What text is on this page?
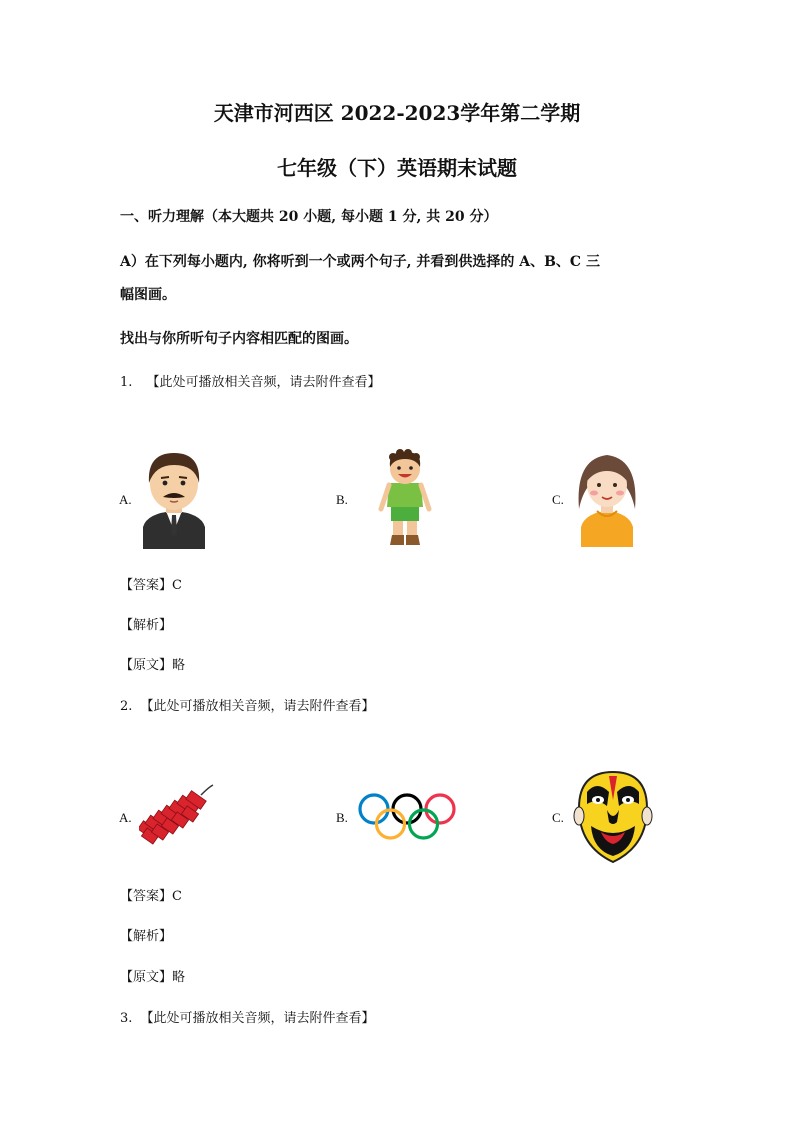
天津市河西区 2022-2023学年第二学期
七年级（下）英语期末试题
一、听力理解（本大题共 20 小题, 每小题 1 分, 共 20 分）
A）在下列每小题内, 你将听到一个或两个句子, 并看到供选择的 A、B、C 三
幅图画。
找出与你所听句子内容相匹配的图画。
1. 【此处可播放相关音频，请去附件查看】
A.	B.	C.
【答案】C
【解析】
【原文】略
2. 【此处可播放相关音频，请去附件查看】
A.	B.	C.
【答案】C
【解析】
【原文】略
3. 【此处可播放相关音频，请去附件查看】
